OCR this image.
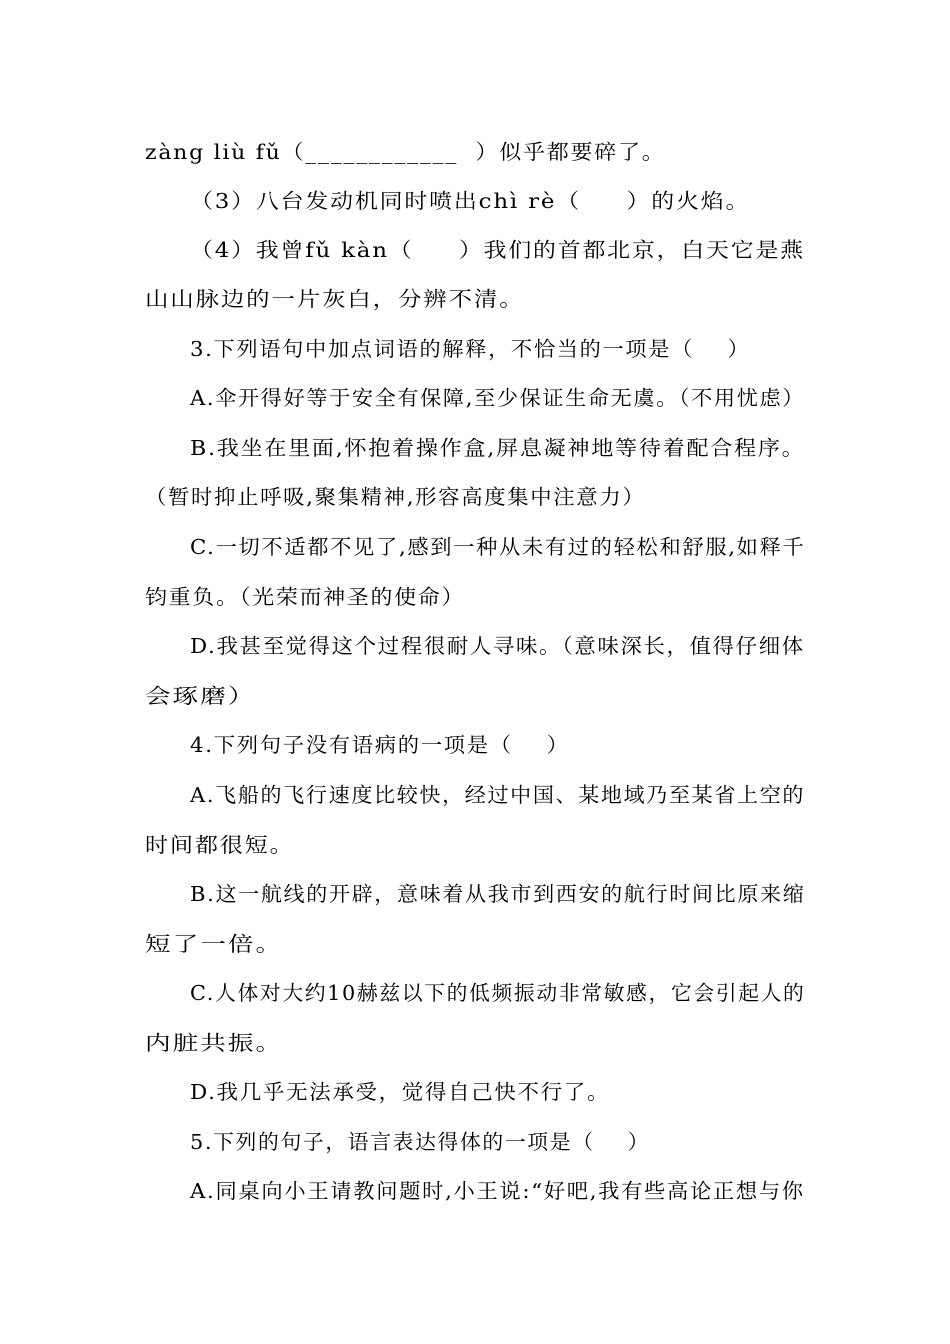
zàng liù fǔ（____________  ）似乎都要碎了。
（3）八台发动机同时喷出chì rè（     ）的火焰。
（4）我曾fǔ kàn（     ）我们的首都北京，白天它是燕
山山脉边的一片灰白，分辨不清。
3.下列语句中加点词语的解释，不恰当的一项是（    ）
A.伞开得好等于安全有保障,至少保证生命无虞。（不用忧虑）
B.我坐在里面,怀抱着操作盒,屏息凝神地等待着配合程序。
（暂时抑止呼吸,聚集精神,形容高度集中注意力）
C.一切不适都不见了,感到一种从未有过的轻松和舒服,如释千
钧重负。（光荣而神圣的使命）
D.我甚至觉得这个过程很耐人寻味。（意味深长，值得仔细体
会琢磨）
4.下列句子没有语病的一项是（    ）
A.飞船的飞行速度比较快，经过中国、某地域乃至某省上空的
时间都很短。
B.这一航线的开辟，意味着从我市到西安的航行时间比原来缩
短了一倍。
C.人体对大约10赫兹以下的低频振动非常敏感，它会引起人的
内脏共振。
D.我几乎无法承受，觉得自己快不行了。
5.下列的句子，语言表达得体的一项是（    ）
A.同桌向小王请教问题时,小王说:“好吧,我有些高论正想与你
